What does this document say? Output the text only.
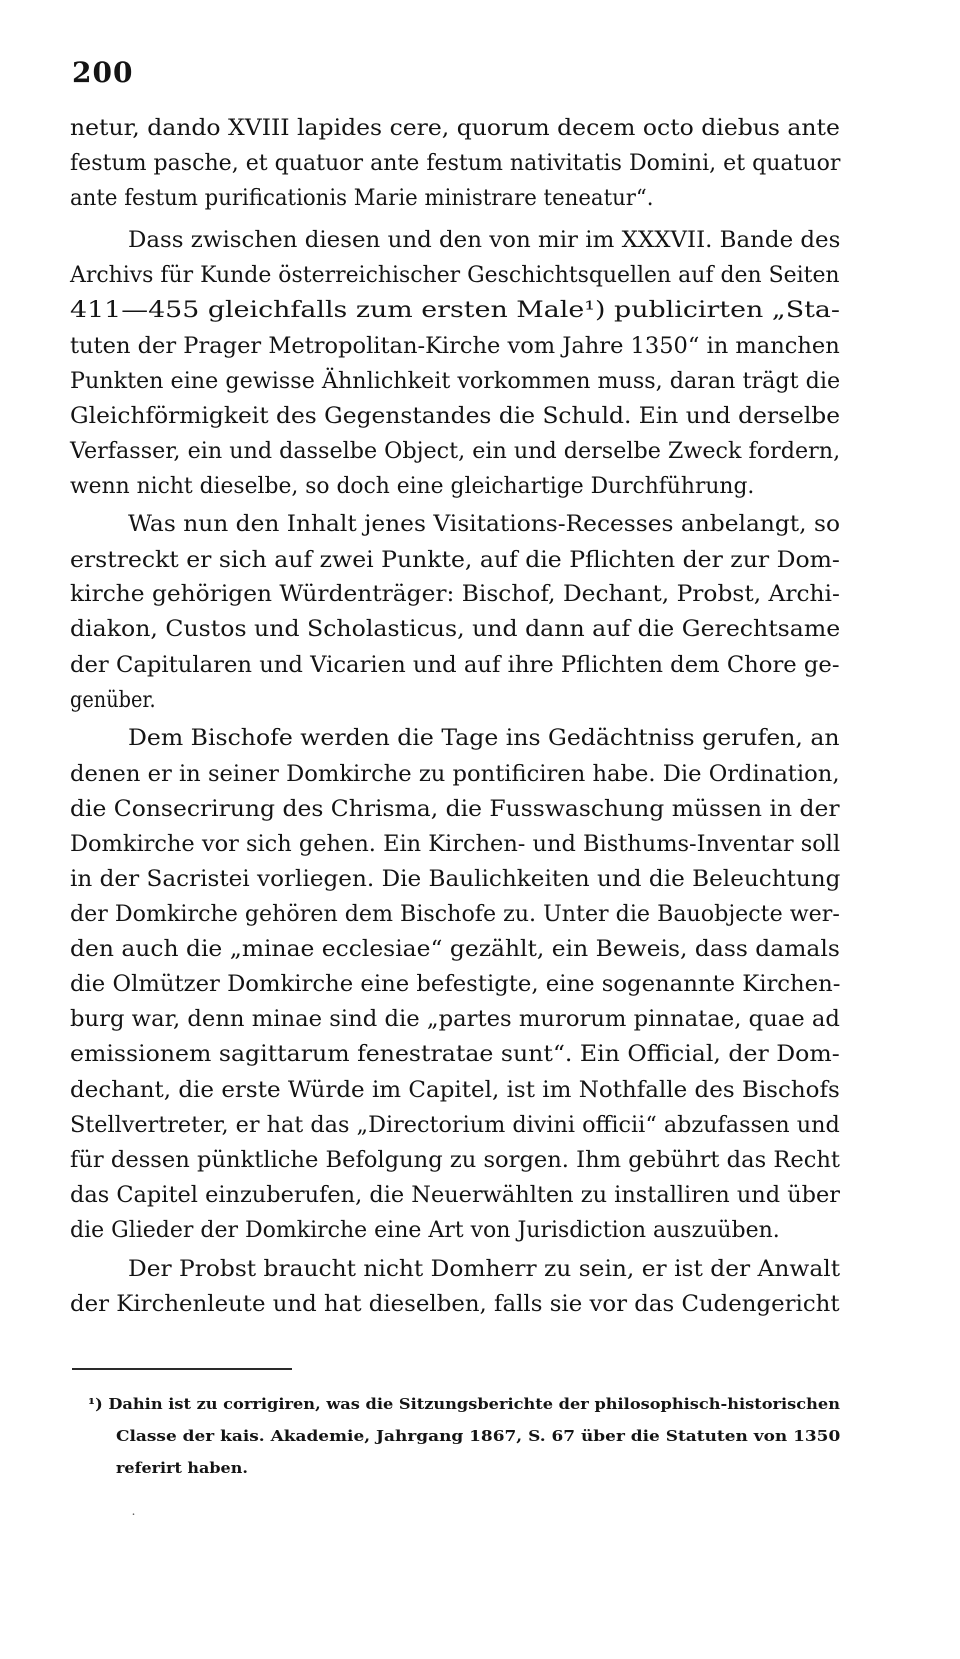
200
netur, dando XVIII lapides cere, quorum decem octo diebus ante
festum pasche, et quatuor ante festum nativitatis Domini, et quatuor
ante festum purificationis Marie ministrare teneatur“.
Dass zwischen diesen und den von mir im XXXVII. Bande des
Archivs für Kunde österreichischer Geschichtsquellen auf den Seiten
411—455 gleichfalls zum ersten Male¹) publicirten „Sta-
tuten der Prager Metropolitan-Kirche vom Jahre 1350“ in manchen
Punkten eine gewisse Ähnlichkeit vorkommen muss, daran trägt die
Gleichförmigkeit des Gegenstandes die Schuld. Ein und derselbe
Verfasser, ein und dasselbe Object, ein und derselbe Zweck fordern,
wenn nicht dieselbe, so doch eine gleichartige Durchführung.
Was nun den Inhalt jenes Visitations-Recesses anbelangt, so
erstreckt er sich auf zwei Punkte, auf die Pflichten der zur Dom-
kirche gehörigen Würdenträger: Bischof, Dechant, Probst, Archi-
diakon, Custos und Scholasticus, und dann auf die Gerechtsame
der Capitularen und Vicarien und auf ihre Pflichten dem Chore ge-
genüber.
Dem Bischofe werden die Tage ins Gedächtniss gerufen, an
denen er in seiner Domkirche zu pontificiren habe. Die Ordination,
die Consecrirung des Chrisma, die Fusswaschung müssen in der
Domkirche vor sich gehen. Ein Kirchen- und Bisthums-Inventar soll
in der Sacristei vorliegen. Die Baulichkeiten und die Beleuchtung
der Domkirche gehören dem Bischofe zu. Unter die Bauobjecte wer-
den auch die „minae ecclesiae“ gezählt, ein Beweis, dass damals
die Olmützer Domkirche eine befestigte, eine sogenannte Kirchen-
burg war, denn minae sind die „partes murorum pinnatae, quae ad
emissionem sagittarum fenestratae sunt“. Ein Official, der Dom-
dechant, die erste Würde im Capitel, ist im Nothfalle des Bischofs
Stellvertreter, er hat das „Directorium divini officii“ abzufassen und
für dessen pünktliche Befolgung zu sorgen. Ihm gebührt das Recht
das Capitel einzuberufen, die Neuerwählten zu installiren und über
die Glieder der Domkirche eine Art von Jurisdiction auszuüben.
Der Probst braucht nicht Domherr zu sein, er ist der Anwalt
der Kirchenleute und hat dieselben, falls sie vor das Cudengericht
¹) Dahin ist zu corrigiren, was die Sitzungsberichte der philosophisch-historischen
Classe der kais. Akademie, Jahrgang 1867, S. 67 über die Statuten von 1350
referirt haben.
˙
